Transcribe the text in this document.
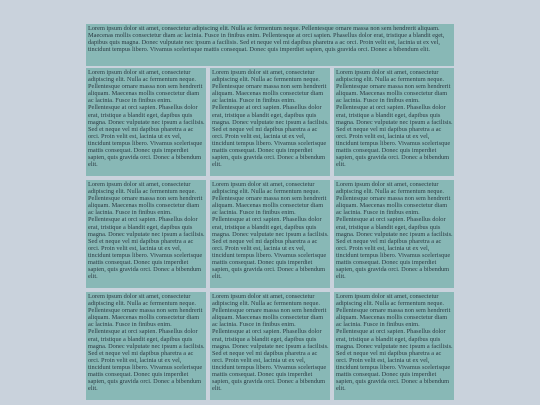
Lorem ipsum dolor sit amet, consectetur adipiscing elit. Nulla ac fermentum neque. Pellentesque ornare massa non sem hendrerit aliquam. Maecenas mollis consectetur diam ac lacinia. Fusce in finibus enim. Pellentesque at orci sapien. Phasellus dolor erat, tristique a blandit eget, dapibus quis magna. Donec vulputate nec ipsum a facilisis. Sed et neque vel mi dapibus pharetra a ac orci. Proin velit est, lacinia ut ex vel, tincidunt tempus libero. Vivamus scelerisque mattis consequat. Donec quis imperdiet sapien, quis gravida orci. Donec a bibendum elit.
Lorem ipsum dolor sit amet, consectetur adipiscing elit. Nulla ac fermentum neque. Pellentesque ornare massa non sem hendrerit aliquam. Maecenas mollis consectetur diam ac lacinia. Fusce in finibus enim. Pellentesque at orci sapien. Phasellus dolor erat, tristique a blandit eget, dapibus quis magna. Donec vulputate nec ipsum a facilisis. Sed et neque vel mi dapibus pharetra a ac orci. Proin velit est, lacinia ut ex vel, tincidunt tempus libero. Vivamus scelerisque mattis consequat. Donec quis imperdiet sapien, quis gravida orci. Donec a bibendum elit.
Lorem ipsum dolor sit amet, consectetur adipiscing elit. Nulla ac fermentum neque. Pellentesque ornare massa non sem hendrerit aliquam. Maecenas mollis consectetur diam ac lacinia. Fusce in finibus enim. Pellentesque at orci sapien. Phasellus dolor erat, tristique a blandit eget, dapibus quis magna. Donec vulputate nec ipsum a facilisis. Sed et neque vel mi dapibus pharetra a ac orci. Proin velit est, lacinia ut ex vel, tincidunt tempus libero. Vivamus scelerisque mattis consequat. Donec quis imperdiet sapien, quis gravida orci. Donec a bibendum elit.
Lorem ipsum dolor sit amet, consectetur adipiscing elit. Nulla ac fermentum neque. Pellentesque ornare massa non sem hendrerit aliquam. Maecenas mollis consectetur diam ac lacinia. Fusce in finibus enim. Pellentesque at orci sapien. Phasellus dolor erat, tristique a blandit eget, dapibus quis magna. Donec vulputate nec ipsum a facilisis. Sed et neque vel mi dapibus pharetra a ac orci. Proin velit est, lacinia ut ex vel, tincidunt tempus libero. Vivamus scelerisque mattis consequat. Donec quis imperdiet sapien, quis gravida orci. Donec a bibendum elit.
Lorem ipsum dolor sit amet, consectetur adipiscing elit. Nulla ac fermentum neque. Pellentesque ornare massa non sem hendrerit aliquam. Maecenas mollis consectetur diam ac lacinia. Fusce in finibus enim. Pellentesque at orci sapien. Phasellus dolor erat, tristique a blandit eget, dapibus quis magna. Donec vulputate nec ipsum a facilisis. Sed et neque vel mi dapibus pharetra a ac orci. Proin velit est, lacinia ut ex vel, tincidunt tempus libero. Vivamus scelerisque mattis consequat. Donec quis imperdiet sapien, quis gravida orci. Donec a bibendum elit.
Lorem ipsum dolor sit amet, consectetur adipiscing elit. Nulla ac fermentum neque. Pellentesque ornare massa non sem hendrerit aliquam. Maecenas mollis consectetur diam ac lacinia. Fusce in finibus enim. Pellentesque at orci sapien. Phasellus dolor erat, tristique a blandit eget, dapibus quis magna. Donec vulputate nec ipsum a facilisis. Sed et neque vel mi dapibus pharetra a ac orci. Proin velit est, lacinia ut ex vel, tincidunt tempus libero. Vivamus scelerisque mattis consequat. Donec quis imperdiet sapien, quis gravida orci. Donec a bibendum elit.
Lorem ipsum dolor sit amet, consectetur adipiscing elit. Nulla ac fermentum neque. Pellentesque ornare massa non sem hendrerit aliquam. Maecenas mollis consectetur diam ac lacinia. Fusce in finibus enim. Pellentesque at orci sapien. Phasellus dolor erat, tristique a blandit eget, dapibus quis magna. Donec vulputate nec ipsum a facilisis. Sed et neque vel mi dapibus pharetra a ac orci. Proin velit est, lacinia ut ex vel, tincidunt tempus libero. Vivamus scelerisque mattis consequat. Donec quis imperdiet sapien, quis gravida orci. Donec a bibendum elit.
Lorem ipsum dolor sit amet, consectetur adipiscing elit. Nulla ac fermentum neque. Pellentesque ornare massa non sem hendrerit aliquam. Maecenas mollis consectetur diam ac lacinia. Fusce in finibus enim. Pellentesque at orci sapien. Phasellus dolor erat, tristique a blandit eget, dapibus quis magna. Donec vulputate nec ipsum a facilisis. Sed et neque vel mi dapibus pharetra a ac orci. Proin velit est, lacinia ut ex vel, tincidunt tempus libero. Vivamus scelerisque mattis consequat. Donec quis imperdiet sapien, quis gravida orci. Donec a bibendum elit.
Lorem ipsum dolor sit amet, consectetur adipiscing elit. Nulla ac fermentum neque. Pellentesque ornare massa non sem hendrerit aliquam. Maecenas mollis consectetur diam ac lacinia. Fusce in finibus enim. Pellentesque at orci sapien. Phasellus dolor erat, tristique a blandit eget, dapibus quis magna. Donec vulputate nec ipsum a facilisis. Sed et neque vel mi dapibus pharetra a ac orci. Proin velit est, lacinia ut ex vel, tincidunt tempus libero. Vivamus scelerisque mattis consequat. Donec quis imperdiet sapien, quis gravida orci. Donec a bibendum elit.
Lorem ipsum dolor sit amet, consectetur adipiscing elit. Nulla ac fermentum neque. Pellentesque ornare massa non sem hendrerit aliquam. Maecenas mollis consectetur diam ac lacinia. Fusce in finibus enim. Pellentesque at orci sapien. Phasellus dolor erat, tristique a blandit eget, dapibus quis magna. Donec vulputate nec ipsum a facilisis. Sed et neque vel mi dapibus pharetra a ac orci. Proin velit est, lacinia ut ex vel, tincidunt tempus libero. Vivamus scelerisque mattis consequat. Donec quis imperdiet sapien, quis gravida orci. Donec a bibendum elit.
